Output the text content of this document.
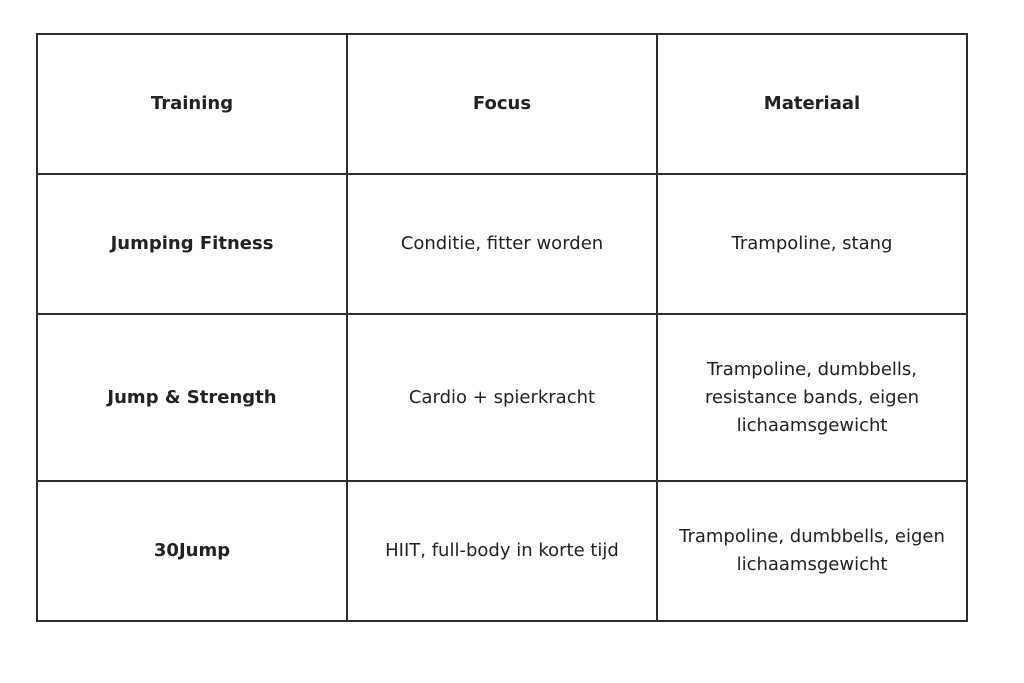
Training	Focus	Materiaal
Jumping Fitness	Conditie, fitter worden	Trampoline, stang
Jump & Strength	Cardio + spierkracht	Trampoline, dumbbells, resistance bands, eigen lichaamsgewicht
30Jump	HIIT, full-body in korte tijd	Trampoline, dumbbells, eigen lichaamsgewicht
